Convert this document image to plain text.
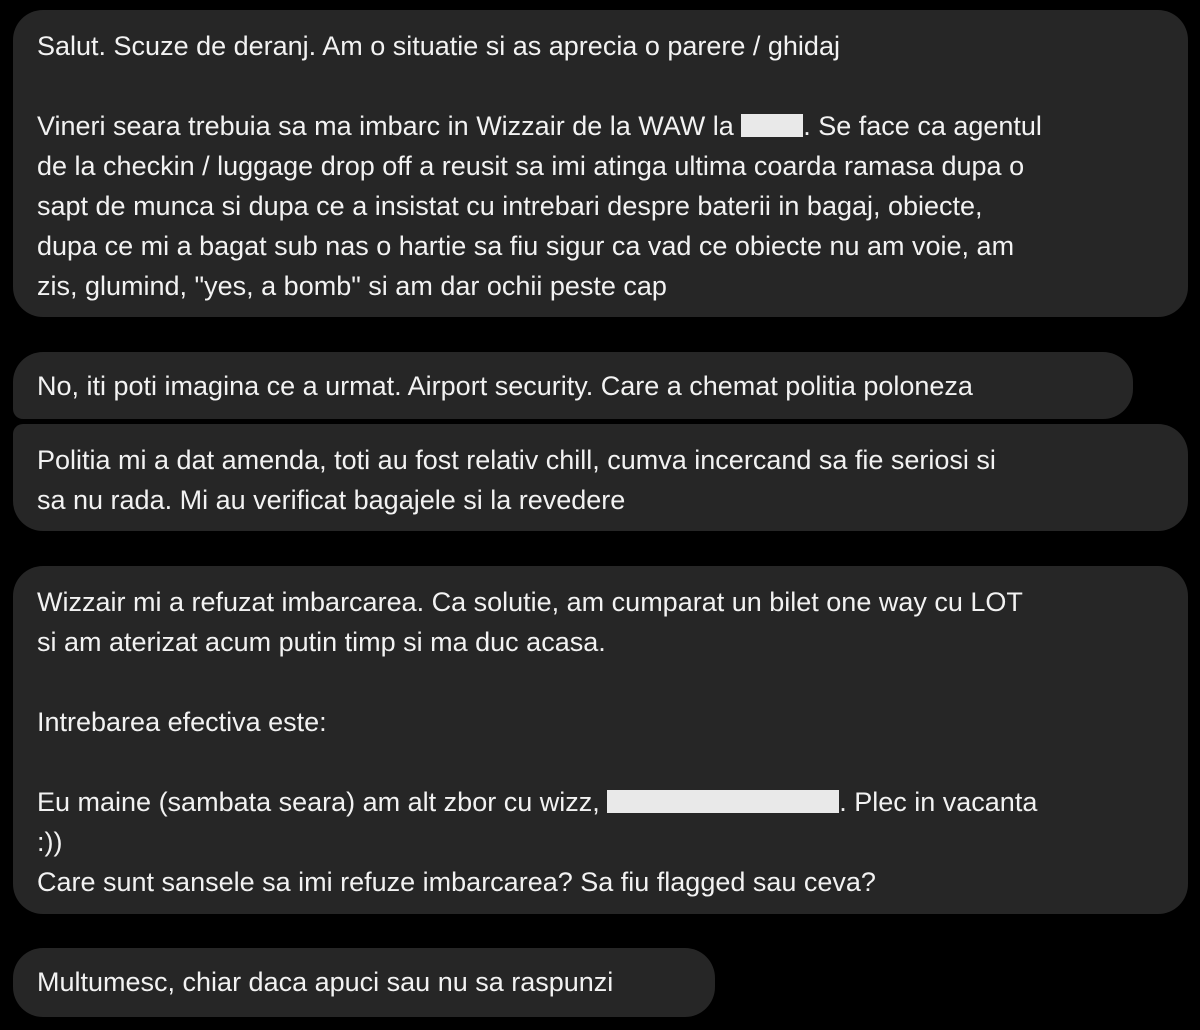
Salut. Scuze de deranj. Am o situatie si as aprecia o parere / ghidaj
Vineri seara trebuia sa ma imbarc in Wizzair de la WAW la	. Se face ca agentul
de la checkin / luggage drop off a reusit sa imi atinga ultima coarda ramasa dupa o
sapt de munca si dupa ce a insistat cu intrebari despre baterii in bagaj, obiecte,
dupa ce mi a bagat sub nas o hartie sa fiu sigur ca vad ce obiecte nu am voie, am
zis, glumind, "yes, a bomb" si am dar ochii peste cap
No, iti poti imagina ce a urmat. Airport security. Care a chemat politia poloneza
Politia mi a dat amenda, toti au fost relativ chill, cumva incercand sa fie seriosi si
sa nu rada. Mi au verificat bagajele si la revedere
Wizzair mi a refuzat imbarcarea. Ca solutie, am cumparat un bilet one way cu LOT
si am aterizat acum putin timp si ma duc acasa.
Intrebarea efectiva este:
Eu maine (sambata seara) am alt zbor cu wizz,	. Plec in vacanta
:))
Care sunt sansele sa imi refuze imbarcarea? Sa fiu flagged sau ceva?
Multumesc, chiar daca apuci sau nu sa raspunzi
